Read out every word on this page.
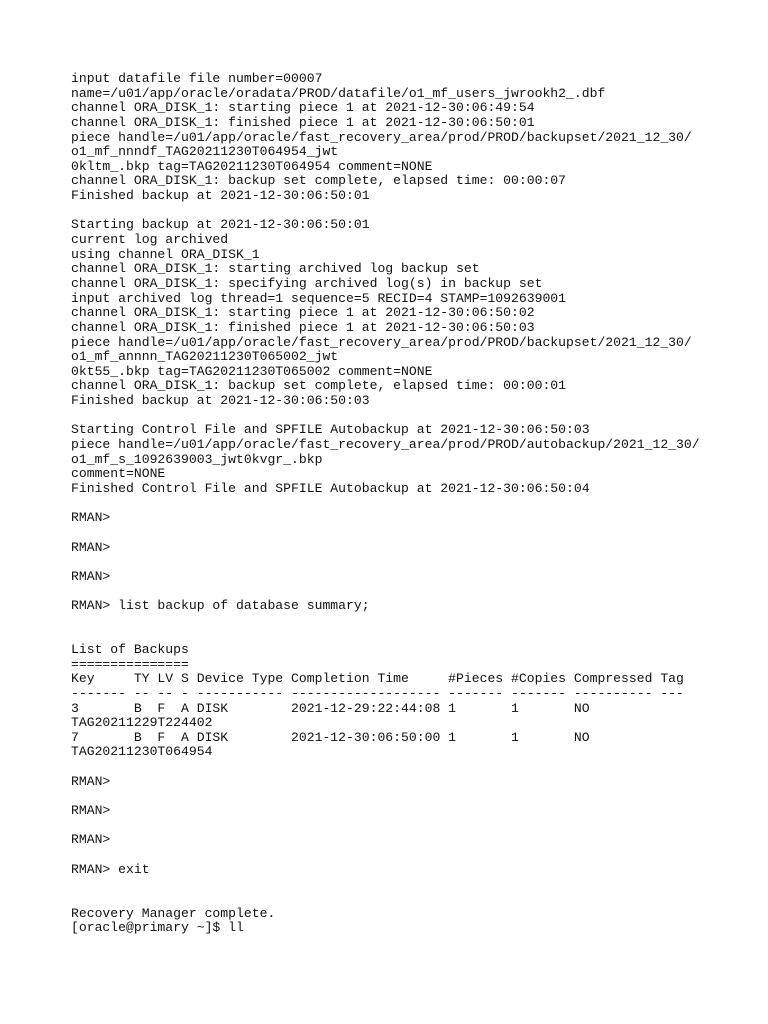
input datafile file number=00007
name=/u01/app/oracle/oradata/PROD/datafile/o1_mf_users_jwrookh2_.dbf
channel ORA_DISK_1: starting piece 1 at 2021-12-30:06:49:54
channel ORA_DISK_1: finished piece 1 at 2021-12-30:06:50:01
piece handle=/u01/app/oracle/fast_recovery_area/prod/PROD/backupset/2021_12_30/
o1_mf_nnndf_TAG20211230T064954_jwt
0kltm_.bkp tag=TAG20211230T064954 comment=NONE
channel ORA_DISK_1: backup set complete, elapsed time: 00:00:07
Finished backup at 2021-12-30:06:50:01
Starting backup at 2021-12-30:06:50:01
current log archived
using channel ORA_DISK_1
channel ORA_DISK_1: starting archived log backup set
channel ORA_DISK_1: specifying archived log(s) in backup set
input archived log thread=1 sequence=5 RECID=4 STAMP=1092639001
channel ORA_DISK_1: starting piece 1 at 2021-12-30:06:50:02
channel ORA_DISK_1: finished piece 1 at 2021-12-30:06:50:03
piece handle=/u01/app/oracle/fast_recovery_area/prod/PROD/backupset/2021_12_30/
o1_mf_annnn_TAG20211230T065002_jwt
0kt55_.bkp tag=TAG20211230T065002 comment=NONE
channel ORA_DISK_1: backup set complete, elapsed time: 00:00:01
Finished backup at 2021-12-30:06:50:03
Starting Control File and SPFILE Autobackup at 2021-12-30:06:50:03
piece handle=/u01/app/oracle/fast_recovery_area/prod/PROD/autobackup/2021_12_30/
o1_mf_s_1092639003_jwt0kvgr_.bkp
comment=NONE
Finished Control File and SPFILE Autobackup at 2021-12-30:06:50:04
RMAN>
RMAN>
RMAN>
RMAN> list backup of database summary;
List of Backups
===============
Key     TY LV S Device Type Completion Time     #Pieces #Copies Compressed Tag
------- -- -- - ----------- ------------------- ------- ------- ---------- ---
3       B  F  A DISK        2021-12-29:22:44:08 1       1       NO
TAG20211229T224402
7       B  F  A DISK        2021-12-30:06:50:00 1       1       NO
TAG20211230T064954
RMAN>
RMAN>
RMAN>
RMAN> exit
Recovery Manager complete.
[oracle@primary ~]$ ll
